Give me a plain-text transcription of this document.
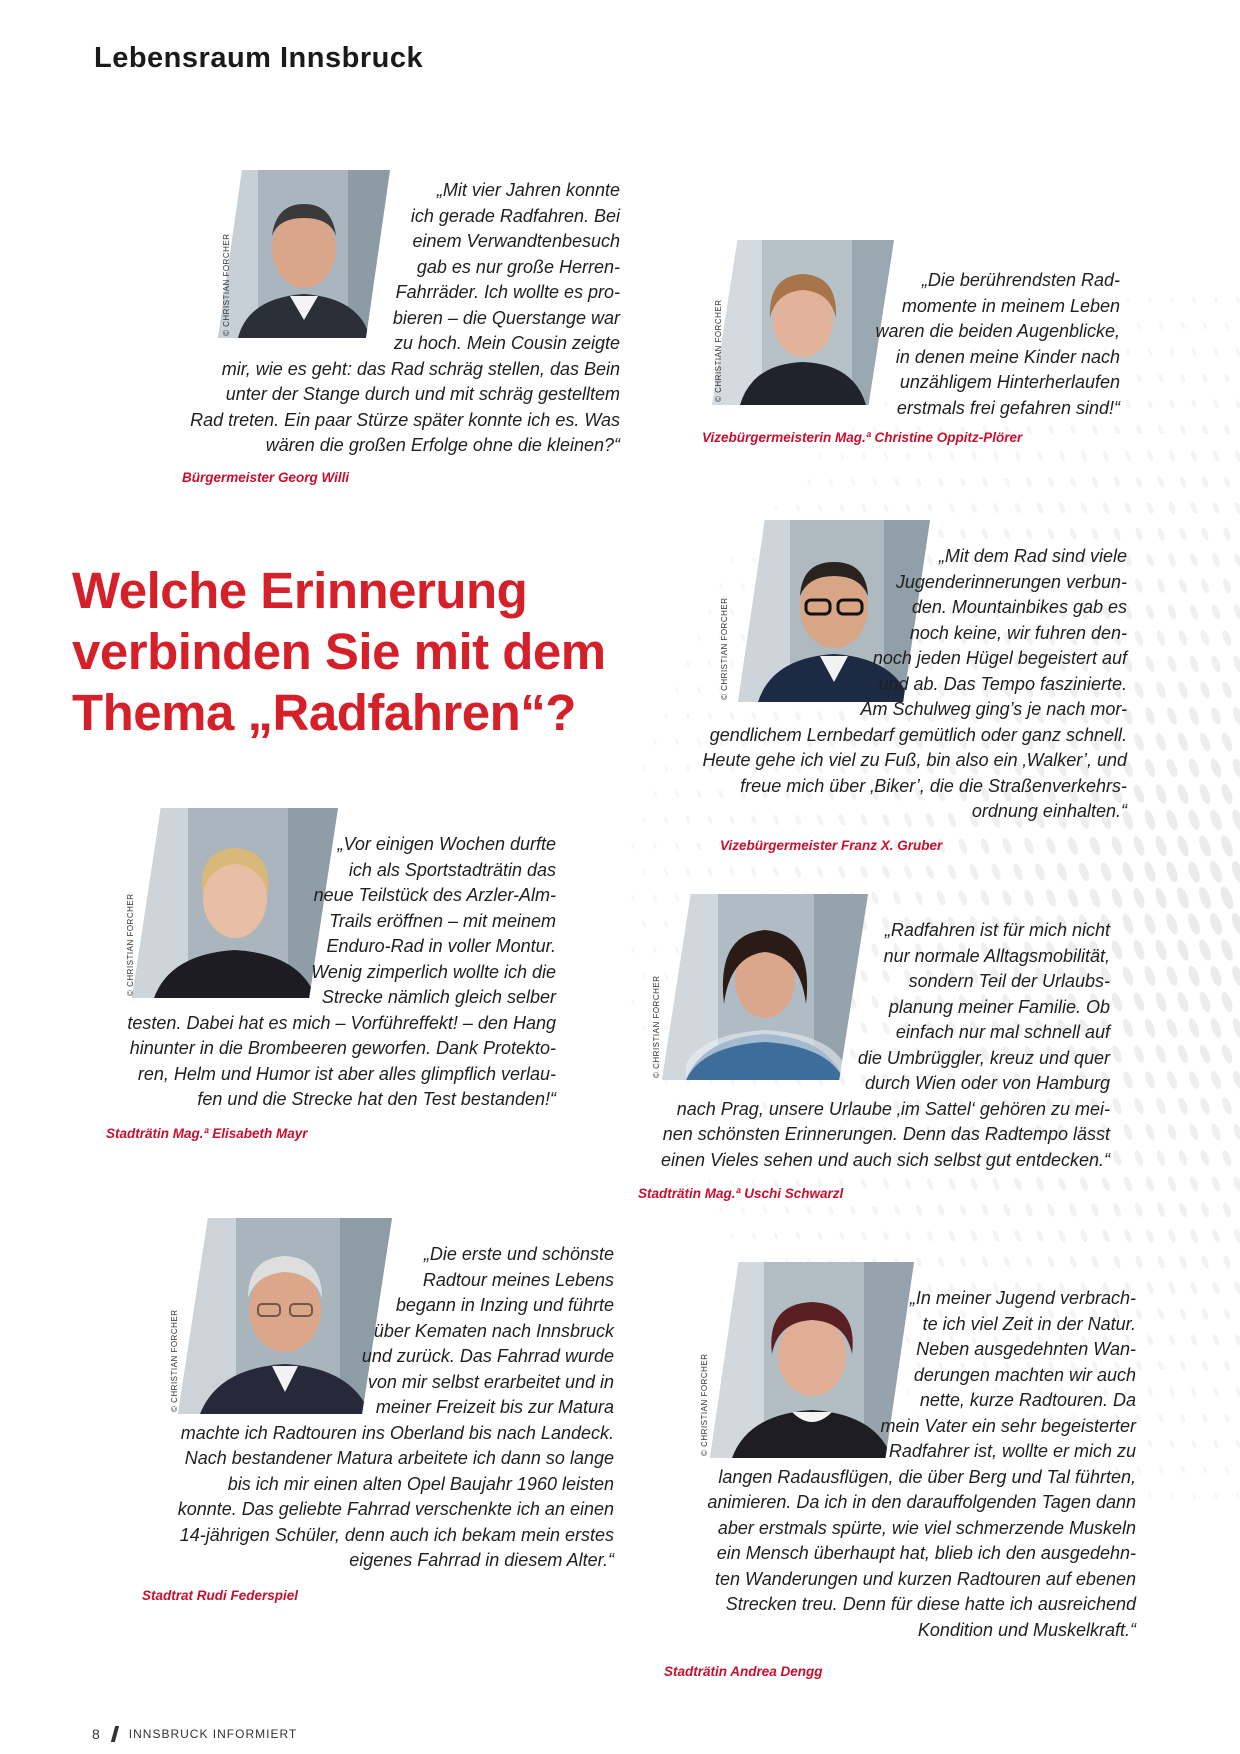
Lebensraum Innsbruck
Welche Erinnerung
verbinden Sie mit dem
Thema „Radfahren“?
© CHRISTIAN FORCHER
„Mit vier Jahren konnte
ich gerade Radfahren. Bei
einem Verwandtenbesuch
gab es nur große Herren-
Fahrräder. Ich wollte es pro-
bieren – die Querstange war
zu hoch. Mein Cousin zeigte
mir, wie es geht: das Rad schräg stellen, das Bein
unter der Stange durch und mit schräg gestelltem
Rad treten. Ein paar Stürze später konnte ich es. Was
wären die großen Erfolge ohne die kleinen?“
Bürgermeister Georg Willi
© CHRISTIAN FORCHER
„Die berührendsten Rad-
momente in meinem Leben
waren die beiden Augenblicke,
in denen meine Kinder nach
unzähligem Hinterherlaufen
erstmals frei gefahren sind!“
Vizebürgermeisterin Mag.ª Christine Oppitz-Plörer
© CHRISTIAN FORCHER
„Mit dem Rad sind viele
Jugenderinnerungen verbun-
den. Mountainbikes gab es
noch keine, wir fuhren den-
noch jeden Hügel begeistert auf
und ab. Das Tempo faszinierte.
Am Schulweg ging’s je nach mor-
gendlichem Lernbedarf gemütlich oder ganz schnell.
Heute gehe ich viel zu Fuß, bin also ein ‚Walker’, und
freue mich über ‚Biker’, die die Straßenverkehrs-
ordnung einhalten.“
Vizebürgermeister Franz X. Gruber
© CHRISTIAN FORCHER
„Vor einigen Wochen durfte
ich als Sportstadträtin das
neue Teilstück des Arzler-Alm-
Trails eröffnen – mit meinem
Enduro-Rad in voller Montur.
Wenig zimperlich wollte ich die
Strecke nämlich gleich selber
testen. Dabei hat es mich – Vorführeffekt! – den Hang
hinunter in die Brombeeren geworfen. Dank Protekto-
ren, Helm und Humor ist aber alles glimpflich verlau-
fen und die Strecke hat den Test bestanden!“
Stadträtin Mag.ª Elisabeth Mayr
© CHRISTIAN FORCHER
„Radfahren ist für mich nicht
nur normale Alltagsmobilität,
sondern Teil der Urlaubs-
planung meiner Familie. Ob
einfach nur mal schnell auf
die Umbrüggler, kreuz und quer
durch Wien oder von Hamburg
nach Prag, unsere Urlaube ‚im Sattel‘ gehören zu mei-
nen schönsten Erinnerungen. Denn das Radtempo lässt
einen Vieles sehen und auch sich selbst gut entdecken.“
Stadträtin Mag.ª Uschi Schwarzl
© CHRISTIAN FORCHER
„Die erste und schönste
Radtour meines Lebens
begann in Inzing und führte
über Kematen nach Innsbruck
und zurück. Das Fahrrad wurde
von mir selbst erarbeitet und in
meiner Freizeit bis zur Matura
machte ich Radtouren ins Oberland bis nach Landeck.
Nach bestandener Matura arbeitete ich dann so lange
bis ich mir einen alten Opel Baujahr 1960 leisten
konnte. Das geliebte Fahrrad verschenkte ich an einen
14-jährigen Schüler, denn auch ich bekam mein erstes
eigenes Fahrrad in diesem Alter.“
Stadtrat Rudi Federspiel
© CHRISTIAN FORCHER
„In meiner Jugend verbrach-
te ich viel Zeit in der Natur.
Neben ausgedehnten Wan-
derungen machten wir auch
nette, kurze Radtouren. Da
mein Vater ein sehr begeisterter
Radfahrer ist, wollte er mich zu
langen Radausflügen, die über Berg und Tal führten,
animieren. Da ich in den darauffolgenden Tagen dann
aber erstmals spürte, wie viel schmerzende Muskeln
ein Mensch überhaupt hat, blieb ich den ausgedehn-
ten Wanderungen und kurzen Radtouren auf ebenen
Strecken treu. Denn für diese hatte ich ausreichend
Kondition und Muskelkraft.“
Stadträtin Andrea Dengg
8 INNSBRUCK INFORMIERT
